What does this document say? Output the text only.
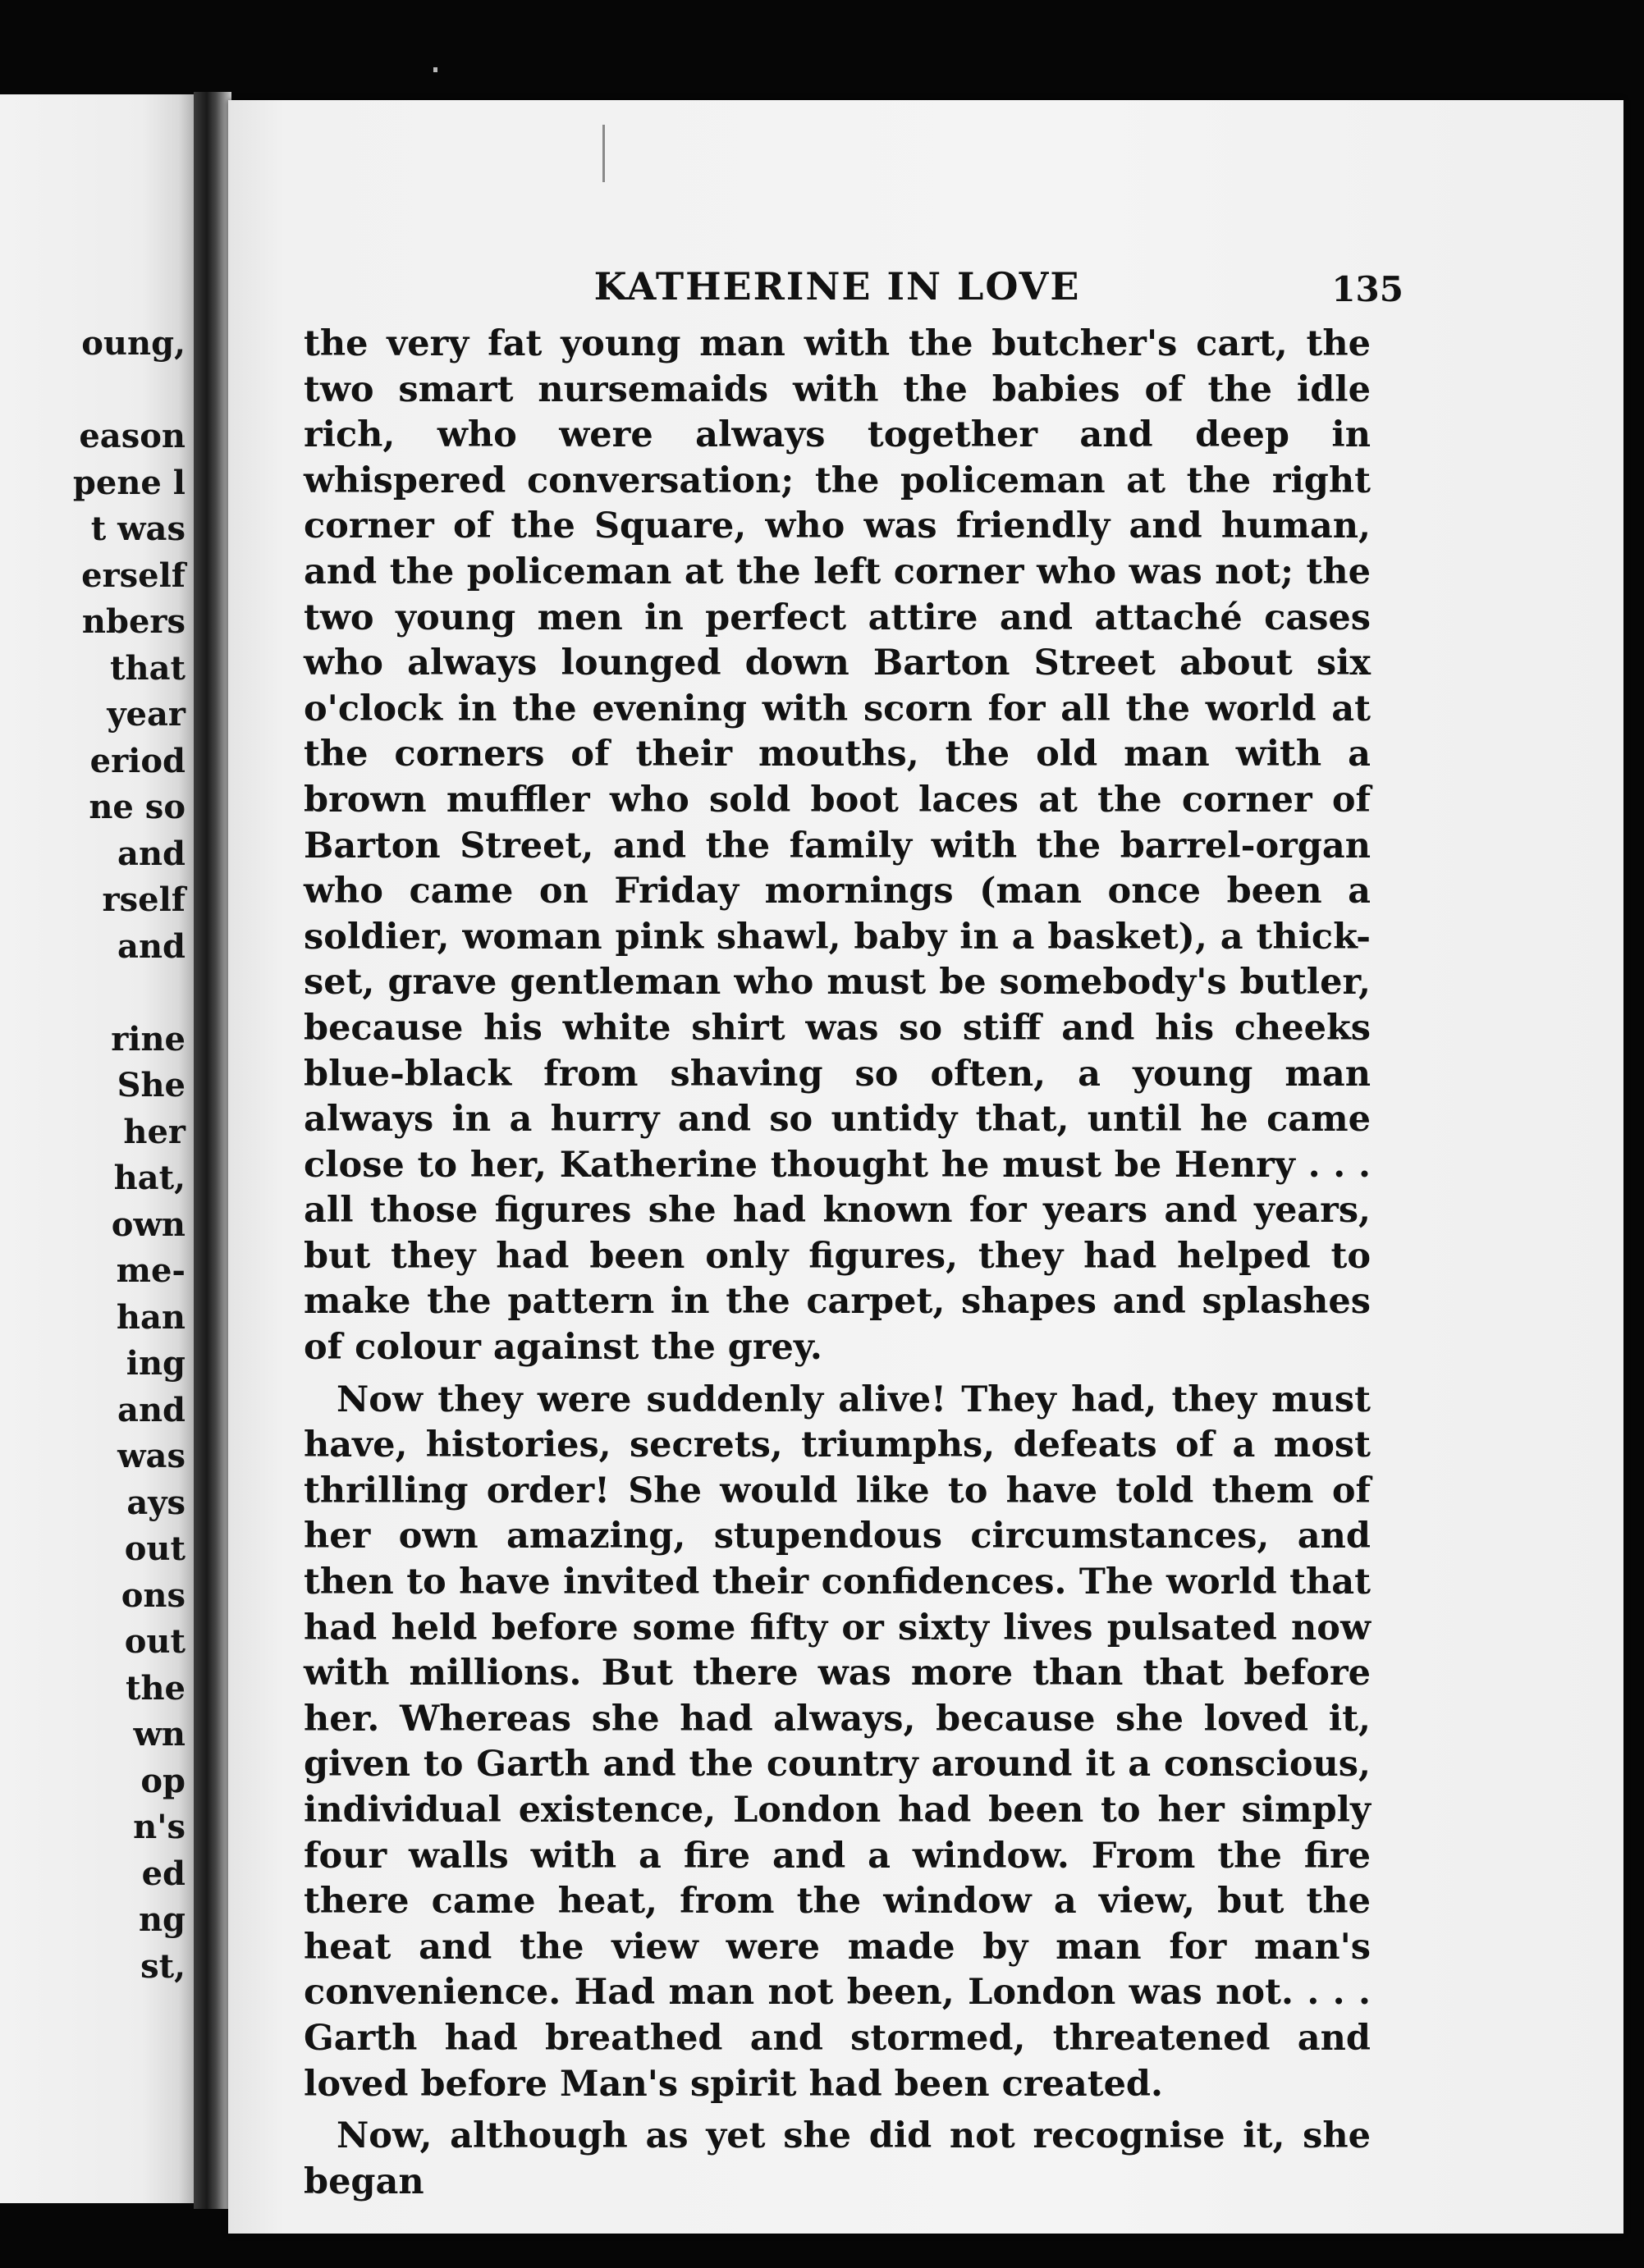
oung,
eason
pene l
t was
erself
nbers
that
year
eriod
ne so
and
rself
and
rine
She
her
hat,
own
me-
han
ing
and
was
ays
out
ons
out
the
wn
op
n's
ed
ng
st,
KATHERINE IN LOVE	135

the very fat young man with the butcher's cart, the two smart nursemaids with the babies of the idle rich, who were always together and deep in whispered conversation; the policeman at the right corner of the Square, who was friendly and human, and the policeman at the left corner who was not; the two young men in perfect attire and attaché cases who always lounged down Barton Street about six o'clock in the evening with scorn for all the world at the corners of their mouths, the old man with a brown muffler who sold boot laces at the corner of Barton Street, and the family with the barrel-organ who came on Friday mornings (man once been a soldier, woman pink shawl, baby in a basket), a thick-set, grave gentleman who must be somebody's butler, because his white shirt was so stiff and his cheeks blue-black from shaving so often, a young man always in a hurry and so untidy that, until he came close to her, Katherine thought he must be Henry . . . all those figures she had known for years and years, but they had been only figures, they had helped to make the pattern in the carpet, shapes and splashes of colour against the grey.

Now they were suddenly alive! They had, they must have, histories, secrets, triumphs, defeats of a most thrilling order! She would like to have told them of her own amazing, stupendous circumstances, and then to have invited their confidences. The world that had held before some fifty or sixty lives pulsated now with millions. But there was more than that before her. Whereas she had always, because she loved it, given to Garth and the country around it a conscious, individual existence, London had been to her simply four walls with a fire and a window. From the fire there came heat, from the window a view, but the heat and the view were made by man for man's convenience. Had man not been, London was not. . . . Garth had breathed and stormed, threatened and loved before Man's spirit had been created.

Now, although as yet she did not recognise it, she began
